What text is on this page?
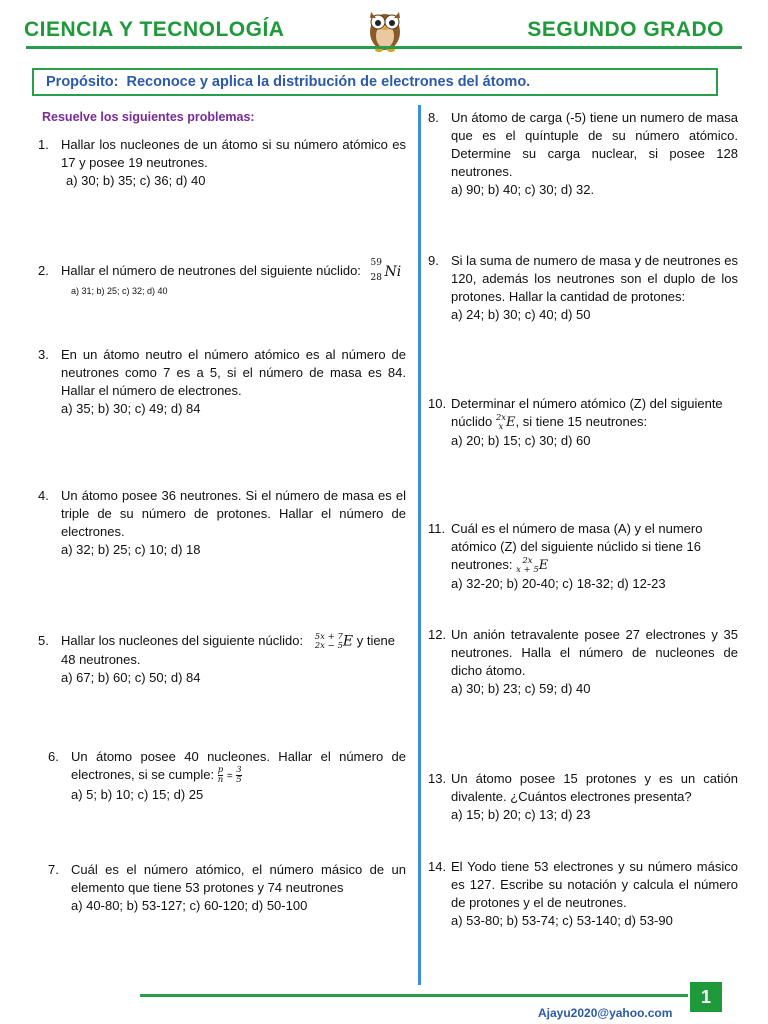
CIENCIA Y TECNOLOGÍA	SEGUNDO GRADO
Propósito: Reconoce y aplica la distribución de electrones del átomo.
Resuelve los siguientes problemas:
1. Hallar los nucleones de un átomo si su número atómico es 17 y posee 19 neutrones.
a) 30; b) 35; c) 36; d) 40
2. Hallar el número de neutrones del siguiente núclido:
59
28 Ni
a) 31; b) 25; c) 32; d) 40
3. En un átomo neutro el número atómico es al número de neutrones como 7 es a 5, si el número de masa es 84. Hallar el número de electrones.
a) 35; b) 30; c) 49; d) 84
4. Un átomo posee 36 neutrones. Si el número de masa es el triple de su número de protones. Hallar el número de electrones.
a) 32; b) 25; c) 10; d) 18
5. Hallar los nucleones del siguiente núclido: 5x + 7
2x − 5 E y tiene 48 neutrones.
a) 67; b) 60; c) 50; d) 84
6. Un átomo posee 40 nucleones. Hallar el número de electrones, si se cumple: $\frac{p}{n} = \frac{3}{5}$
a) 5; b) 10; c) 15; d) 25
7. Cuál es el número atómico, el número másico de un elemento que tiene 53 protones y 74 neutrones
a) 40-80; b) 53-127; c) 60-120; d) 50-100
8. Un átomo de carga (-5) tiene un numero de masa que es el quíntuple de su número atómico. Determine su carga nuclear, si posee 128 neutrones.
a) 90; b) 40; c) 30; d) 32.
9. Si la suma de numero de masa y de neutrones es 120, además los neutrones son el duplo de los protones. Hallar la cantidad de protones:
a) 24; b) 30; c) 40; d) 50
10. Determinar el número atómico (Z) del siguiente núclido 2x
x E, si tiene 15 neutrones:
a) 20; b) 15; c) 30; d) 60
11. Cuál es el número de masa (A) y el numero atómico (Z) del siguiente núclido si tiene 16 neutrones:	2x
x + 5 E
a) 32-20; b) 20-40; c) 18-32; d) 12-23
12. Un anión tetravalente posee 27 electrones y 35 neutrones. Halla el número de nucleones de dicho átomo.
a) 30; b) 23; c) 59; d) 40
13. Un átomo posee 15 protones y es un catión divalente. ¿Cuántos electrones presenta?
a) 15; b) 20; c) 13; d) 23
14. El Yodo tiene 53 electrones y su número másico es 127. Escribe su notación y calcula el número de protones y el de neutrones.
a) 53-80; b) 53-74; c) 53-140; d) 53-90
1
Ajayu2020@yahoo.com
